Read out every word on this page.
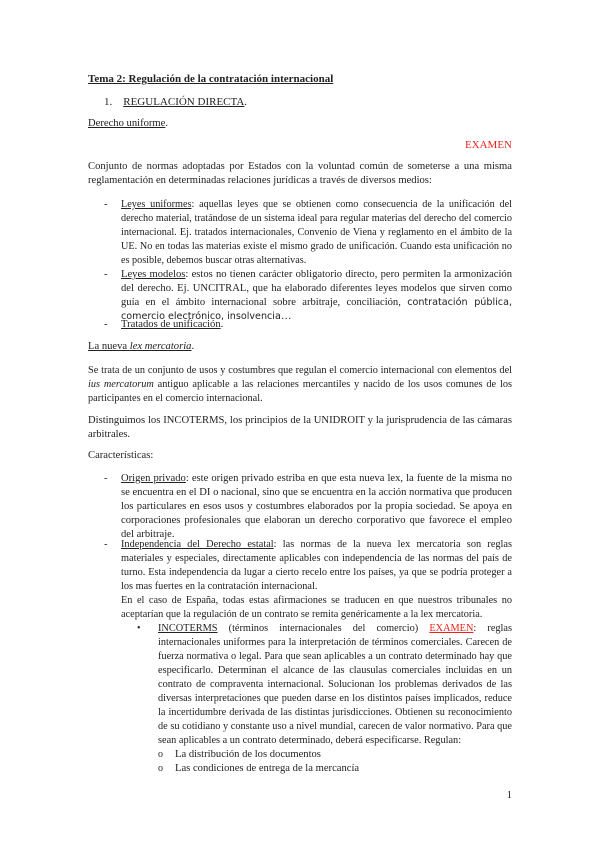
Tema 2: Regulación de la contratación internacional
1. REGULACIÓN DIRECTA.
Derecho uniforme.
EXAMEN

Conjunto de normas adoptadas por Estados con la voluntad común de someterse a una misma reglamentación en determinadas relaciones jurídicas a través de diversos medios:

- Leyes uniformes: aquellas leyes que se obtienen como consecuencia de la unificación del derecho material, tratándose de un sistema ideal para regular materias del derecho del comercio internacional. Ej. tratados internacionales, Convenio de Viena y reglamento en el ámbito de la UE. No en todas las materias existe el mismo grado de unificación. Cuando esta unificación no es posible, debemos buscar otras alternativas.

- Leyes modelos: estos no tienen carácter obligatorio directo, pero permiten la armonización del derecho. Ej. UNCITRAL, que ha elaborado diferentes leyes modelos que sirven como guía en el ámbito internacional sobre arbitraje, conciliación, contratación pública, comercio electrónico, insolvencia…

- Tratados de unificación.

La nueva lex mercatoria.

Se trata de un conjunto de usos y costumbres que regulan el comercio internacional con elementos del ius mercatorum antiguo aplicable a las relaciones mercantiles y nacido de los usos comunes de los participantes en el comercio internacional.

Distinguimos los INCOTERMS, los principios de la UNIDROIT y la jurisprudencia de las cámaras arbitrales.

Características:

- Origen privado: este origen privado estriba en que esta nueva lex, la fuente de la misma no se encuentra en el DI o nacional, sino que se encuentra en la acción normativa que producen los particulares en esos usos y costumbres elaborados por la propia sociedad. Se apoya en corporaciones profesionales que elaboran un derecho corporativo que favorece el empleo del arbitraje.

- Independencia del Derecho estatal: las normas de la nueva lex mercatoria son reglas materiales y especiales, directamente aplicables con independencia de las normas del país de turno. Esta independencia da lugar a cierto recelo entre los países, ya que se podría proteger a los mas fuertes en la contratación internacional.

En el caso de España, todas estas afirmaciones se traducen en que nuestros tribunales no aceptarían que la regulación de un contrato se remita genéricamente a la lex mercatoria.

• INCOTERMS (términos internacionales del comercio) EXAMEN: reglas internacionales uniformes para la interpretación de términos comerciales. Carecen de fuerza normativa o legal. Para que sean aplicables a un contrato determinado hay que especificarlo. Determinan el alcance de las clausulas comerciales incluidas en un contrato de compraventa internacional. Solucionan los problemas derivados de las diversas interpretaciones que pueden darse en los distintos países implicados, reduce la incertidumbre derivada de las distintas jurisdicciones. Obtienen su reconocimiento de su cotidiano y constante uso a nivel mundial, carecen de valor normativo. Para que sean aplicables a un contrato determinado, deberá especificarse. Regulan:

o La distribución de los documentos
o Las condiciones de entrega de la mercancía
1
